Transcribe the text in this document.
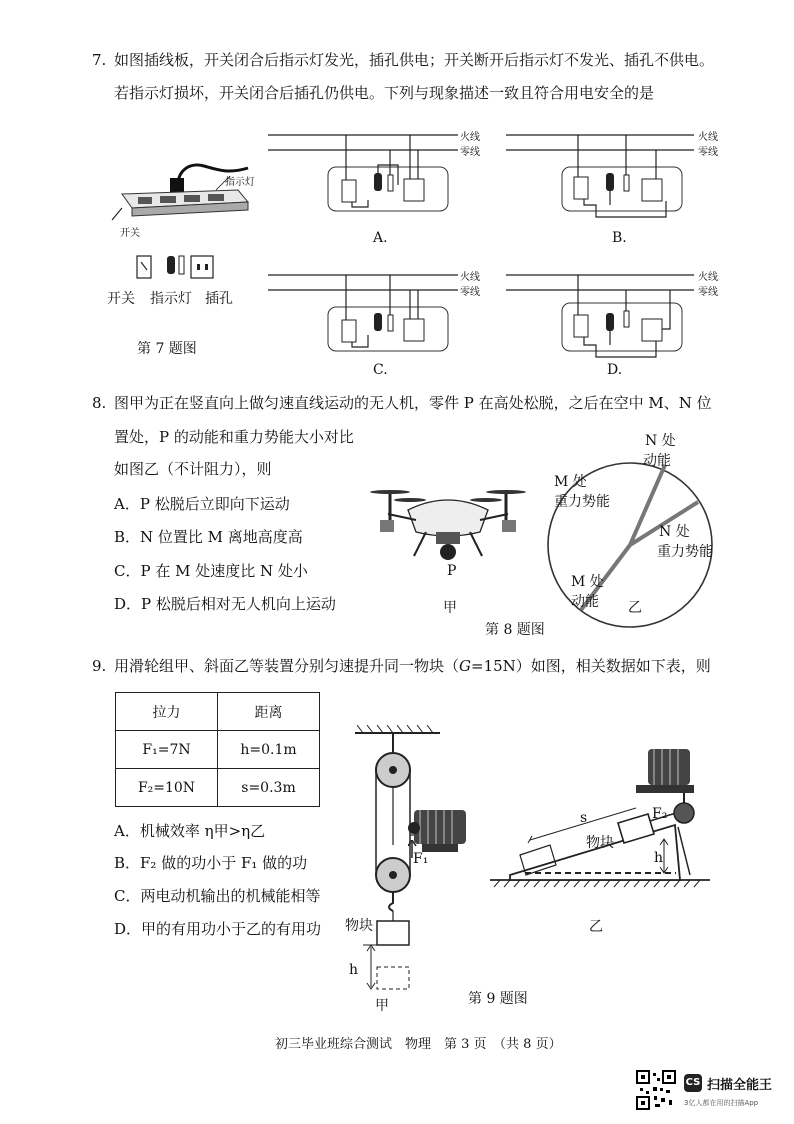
7. 如图插线板，开关闭合后指示灯发光，插孔供电；开关断开后指示灯不发光、插孔不供电。
若指示灯损坏，开关闭合后插孔仍供电。下列与现象描述一致且符合用电安全的是
指示灯
开关
开关 指示灯 插孔
第 7 题图
火线
零线
A.
火线
零线
B.
火线
零线
C.
火线
零线
D.
8. 图甲为正在竖直向上做匀速直线运动的无人机，零件 P 在高处松脱，之后在空中 M、N 位
置处，P 的动能和重力势能大小对比
如图乙（不计阻力），则
A．P 松脱后立即向下运动
B．N 位置比 M 离地高度高
C．P 在 M 处速度比 N 处小
D．P 松脱后相对无人机向上运动
P
甲
N 处
动能
M 处
重力势能
N 处
重力势能
M 处
动能 乙
第 8 题图
9. 用滑轮组甲、斜面乙等装置分别匀速提升同一物块（G=15N）如图，相关数据如下表，则
拉力	距离
F₁=7N	h=0.1m
F₂=10N	s=0.3m
A．机械效率 η甲>η乙
B．F₂ 做的功小于 F₁ 做的功
C．两电动机输出的机械能相等
D．甲的有用功小于乙的有用功
F₁
物块
h
甲
s
物块
F₂
h
乙
第 9 题图
初三毕业班综合测试　物理　第 3 页　（共 8 页）
CS 扫描全能王
3亿人都在用的扫描App
